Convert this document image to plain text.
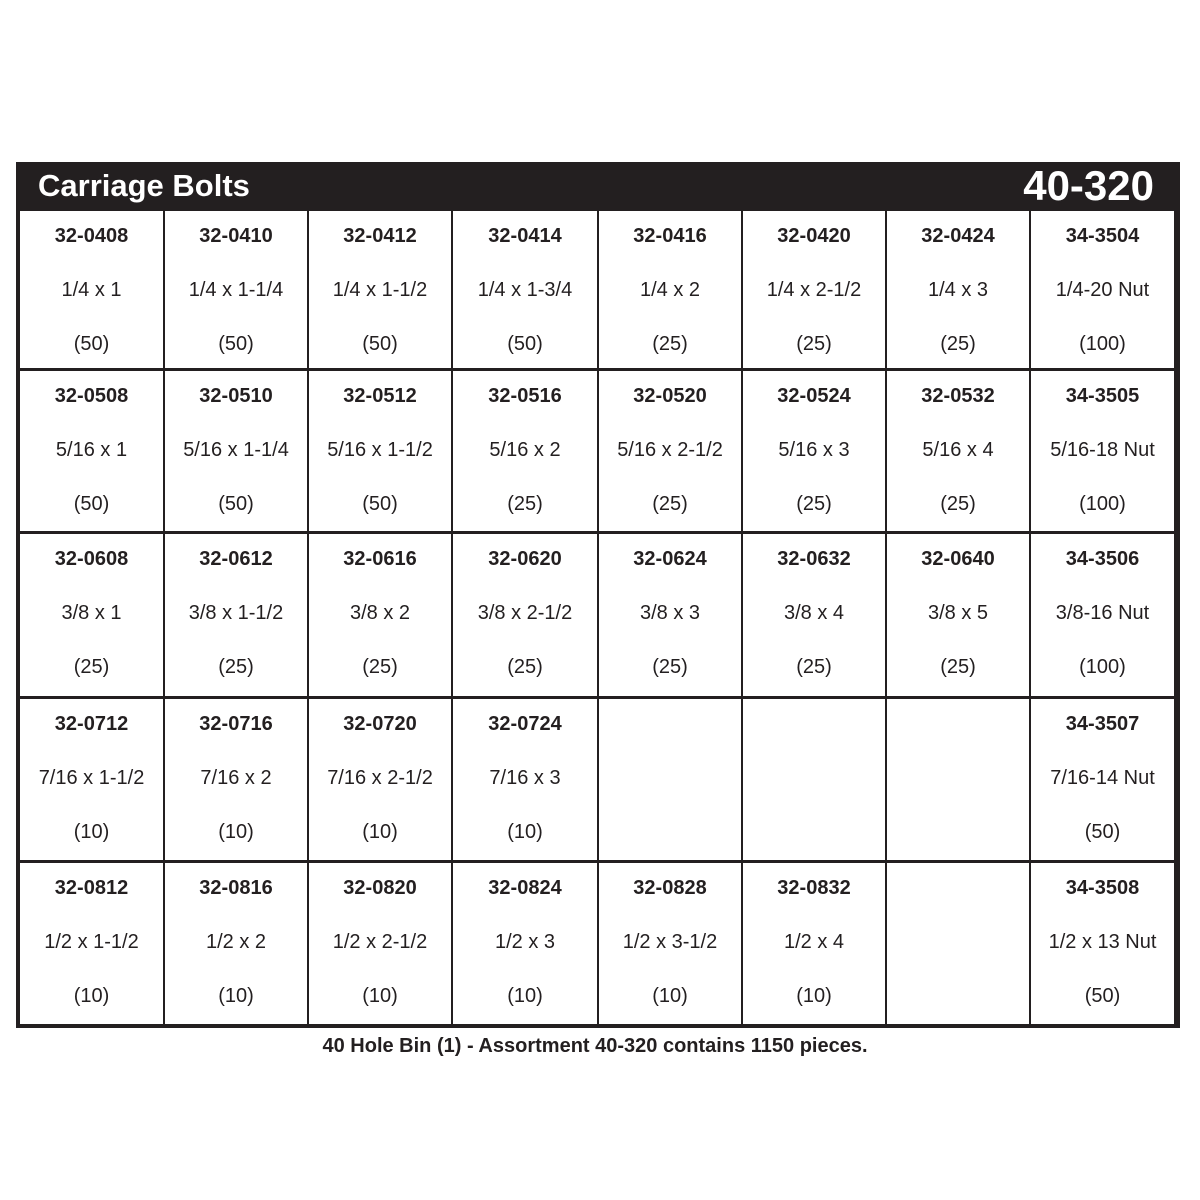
Carriage Bolts	40-320
32-0408
1/4 x 1
(50)
32-0410
1/4 x 1-1/4
(50)
32-0412
1/4 x 1-1/2
(50)
32-0414
1/4 x 1-3/4
(50)
32-0416
1/4 x 2
(25)
32-0420
1/4 x 2-1/2
(25)
32-0424
1/4 x 3
(25)
34-3504
1/4-20 Nut
(100)
32-0508
5/16 x 1
(50)
32-0510
5/16 x 1-1/4
(50)
32-0512
5/16 x 1-1/2
(50)
32-0516
5/16 x 2
(25)
32-0520
5/16 x 2-1/2
(25)
32-0524
5/16 x 3
(25)
32-0532
5/16 x 4
(25)
34-3505
5/16-18 Nut
(100)
32-0608
3/8 x 1
(25)
32-0612
3/8 x 1-1/2
(25)
32-0616
3/8 x 2
(25)
32-0620
3/8 x 2-1/2
(25)
32-0624
3/8 x 3
(25)
32-0632
3/8 x 4
(25)
32-0640
3/8 x 5
(25)
34-3506
3/8-16 Nut
(100)
32-0712
7/16 x 1-1/2
(10)
32-0716
7/16 x 2
(10)
32-0720
7/16 x 2-1/2
(10)
32-0724
7/16 x 3
(10)
34-3507
7/16-14 Nut
(50)
32-0812
1/2 x 1-1/2
(10)
32-0816
1/2 x 2
(10)
32-0820
1/2 x 2-1/2
(10)
32-0824
1/2 x 3
(10)
32-0828
1/2 x 3-1/2
(10)
32-0832
1/2 x 4
(10)
34-3508
1/2 x 13 Nut
(50)
40 Hole Bin (1) - Assortment 40-320 contains 1150 pieces.
